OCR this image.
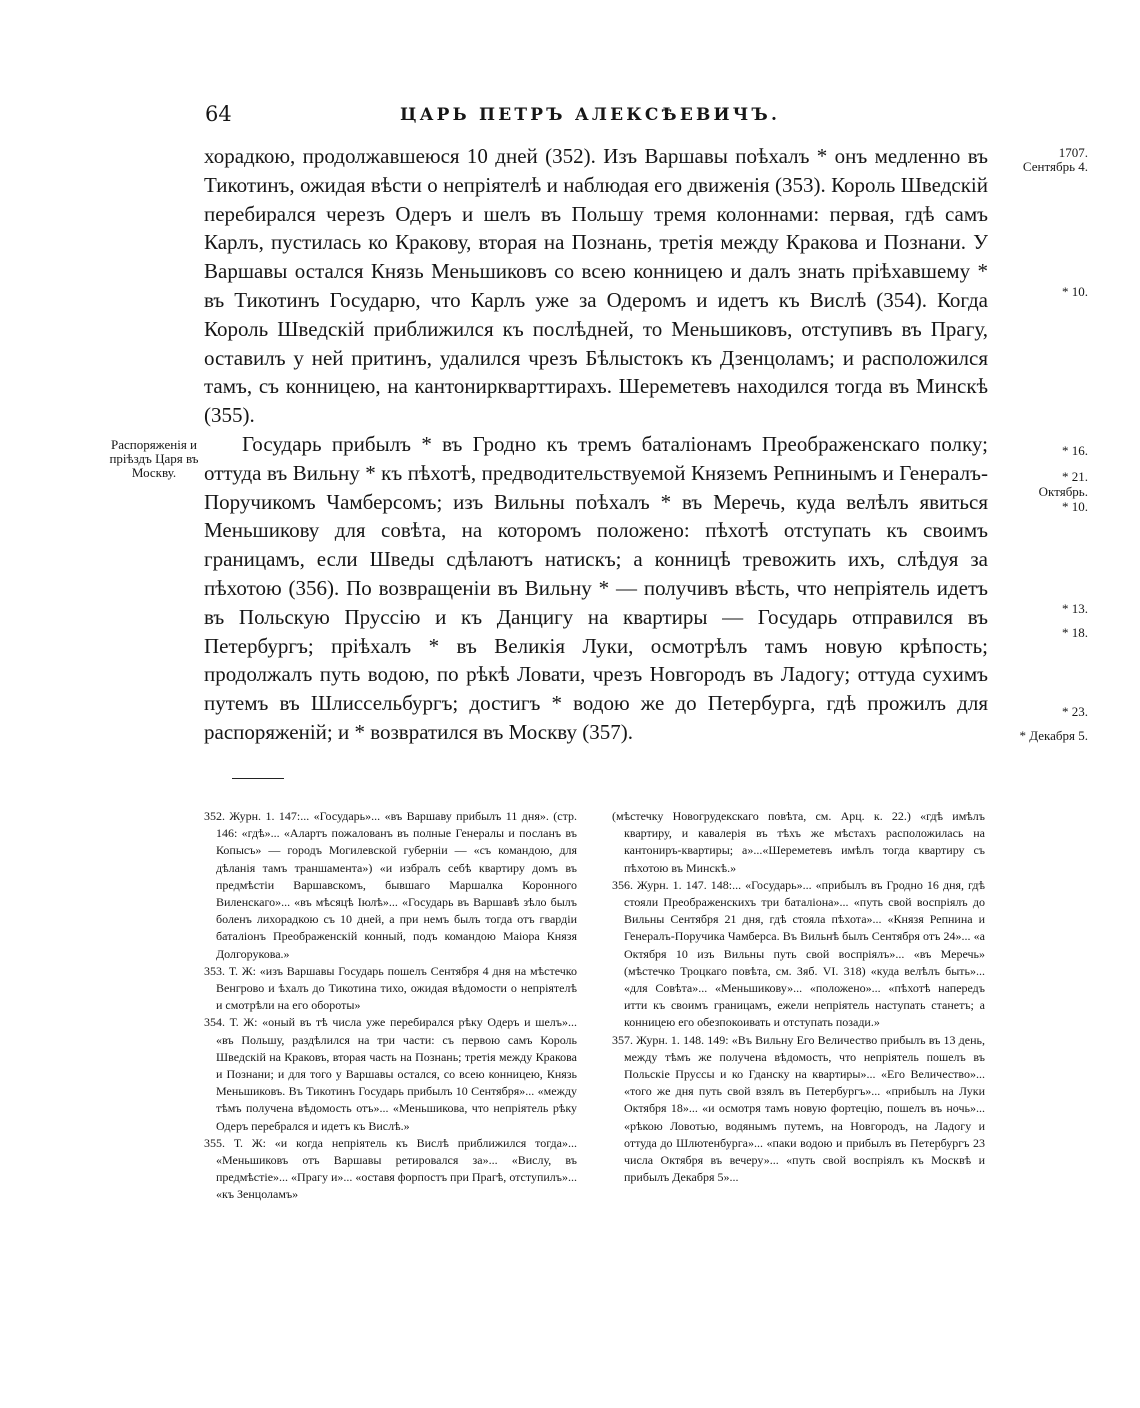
64	ЦАРЬ ПЕТРЪ АЛЕКСѢЕВИЧЪ.

хорадкою, продолжавшеюся 10 дней (352). Изъ Варшавы поѣхалъ * онъ медленно въ Тикотинъ, ожидая вѣсти о непріятелѣ и наблюдая его движенія (353). Король Шведскій перебирался черезъ Одеръ и шелъ въ Польшу тремя колоннами: первая, гдѣ самъ Карлъ, пустилась ко Кракову, вторая на Познань, третія между Кракова и Познани. У Варшавы остался Князь Меньшиковъ со всею конницею и далъ знать пріѣхавшему * въ Тикотинъ Государю, что Карлъ уже за Одеромъ и идетъ къ Вислѣ (354). Когда Король Шведскій приближился къ послѣдней, то Меньшиковъ, отступивъ въ Прагу, оставилъ у ней притинъ, удалился чрезъ Бѣлыстокъ къ Дзенцоламъ; и расположился тамъ, съ конницею, на кантониркварттирахъ. Шереметевъ находился тогда въ Минскѣ (355).

Государь прибылъ * въ Гродно къ тремъ баталіонамъ Преображенскаго полку; оттуда въ Вильну * къ пѣхотѣ, предводительствуемой Княземъ Репнинымъ и Генералъ-Поручикомъ Чамберсомъ; изъ Вильны поѣхалъ * въ Меречь, куда велѣлъ явиться Меньшикову для совѣта, на которомъ положено: пѣхотѣ отступать къ своимъ границамъ, если Шведы сдѣлаютъ натискъ; а конницѣ тревожить ихъ, слѣдуя за пѣхотою (356). По возвращеніи въ Вильну * — получивъ вѣсть, что непріятель идетъ въ Польскую Пруссію и къ Данцигу на квартиры — Государь отправился въ Петербургъ; пріѣхалъ * въ Великія Луки, осмотрѣлъ тамъ новую крѣпость; продолжалъ путь водою, по рѣкѣ Ловати, чрезъ Новгородъ въ Ладогу; оттуда сухимъ путемъ въ Шлиссельбургъ; достигъ * водою же до Петербурга, гдѣ прожилъ для распоряженій; и * возвратился въ Москву (357).

Распоряженія и пріѣздъ Царя въ Москву.
1707.
Сентябрь 4.
* 10.
* 16.
* 21.
Октябрь.
* 10.
* 13.
* 18.
* 23.
* Декабря 5.

352. Журн. 1. 147:... «Государь»... «въ Варшаву прибылъ 11 дня». (стр. 146: «гдѣ»... «Алартъ пожалованъ въ полные Генералы и посланъ въ Копысъ» — городъ Могилевской губерніи — «съ командою, для дѣланія тамъ траншамента») «и избралъ себѣ квартиру домъ въ предмѣстіи Варшавскомъ, бывшаго Маршалка Коронного Виленскаго»... «въ мѣсяцѣ Іюлѣ»... «Государь въ Варшавѣ зѣло былъ боленъ лихорадкою съ 10 дней, а при немъ былъ тогда отъ гвардіи баталіонъ Преображенскій конный, подъ командою Маіора Князя Долгорукова.»

353. Т. Ж: «изъ Варшавы Государь пошелъ Сентября 4 дня на мѣстечко Венгрово и ѣхалъ до Тикотина тихо, ожидая вѣдомости о непріятелѣ и смотрѣли на его обороты»

354. Т. Ж: «оный въ тѣ числа уже перебирался рѣку Одеръ и шелъ»... «въ Польшу, раздѣлился на три части: съ первою самъ Король Шведскій на Краковъ, вторая часть на Познань; третія между Кракова и Познани; и для того у Варшавы остался, со всею конницею, Князь Меньшиковъ. Въ Тикотинъ Государь прибылъ 10 Сентября»... «между тѣмъ получена вѣдомость отъ»... «Меньшикова, что непріятель рѣку Одеръ перебрался и идетъ къ Вислѣ.»

355. Т. Ж: «и когда непріятель къ Вислѣ приближился тогда»... «Меньшиковъ отъ Варшавы ретировался за»... «Вислу, въ предмѣстіе»... «Прагу и»... «оставя форпостъ при Прагѣ, отступилъ»... «къ Зенцоламъ»

(мѣстечку Новогрудекскаго повѣта, см. Арц. к. 22.) «гдѣ имѣлъ квартиру, и кавалерія въ тѣхъ же мѣстахъ расположилась на кантониръ-квартиры; а»...«Шереметевъ имѣлъ тогда квартиру съ пѣхотою въ Минскѣ.»

356. Журн. 1. 147. 148:... «Государь»... «прибылъ въ Гродно 16 дня, гдѣ стояли Преображенскихъ три баталіона»... «путь свой воспріялъ до Вильны Сентября 21 дня, гдѣ стояла пѣхота»... «Князя Репнина и Генералъ-Поручика Чамберса. Въ Вильнѣ былъ Сентября отъ 24»... «а Октября 10 изъ Вильны путь свой воспріялъ»... «въ Меречь» (мѣстечко Троцкаго повѣта, см. Зяб. VI. 318) «куда велѣлъ быть»... «для Совѣта»... «Меньшикову»... «положено»... «пѣхотѣ напередъ итти къ своимъ границамъ, ежели непріятель наступать станетъ; а конницею его обезпокоивать и отступать позади.»

357. Журн. 1. 148. 149: «Въ Вильну Его Величество прибылъ въ 13 день, между тѣмъ же получена вѣдомость, что непріятель пошелъ въ Польскіе Пруссы и ко Гданску на квартиры»... «Его Величество»... «того же дня путь свой взялъ въ Петербургъ»... «прибылъ на Луки Октября 18»... «и осмотря тамъ новую фортецію, пошелъ въ ночь»... «рѣкою Ловотью, водянымъ путемъ, на Новгородъ, на Ладогу и оттуда до Шлютенбурга»... «паки водою и прибылъ въ Петербургъ 23 числа Октября въ вечеру»... «путь свой воспріялъ къ Москвѣ и прибылъ Декабря 5»...
